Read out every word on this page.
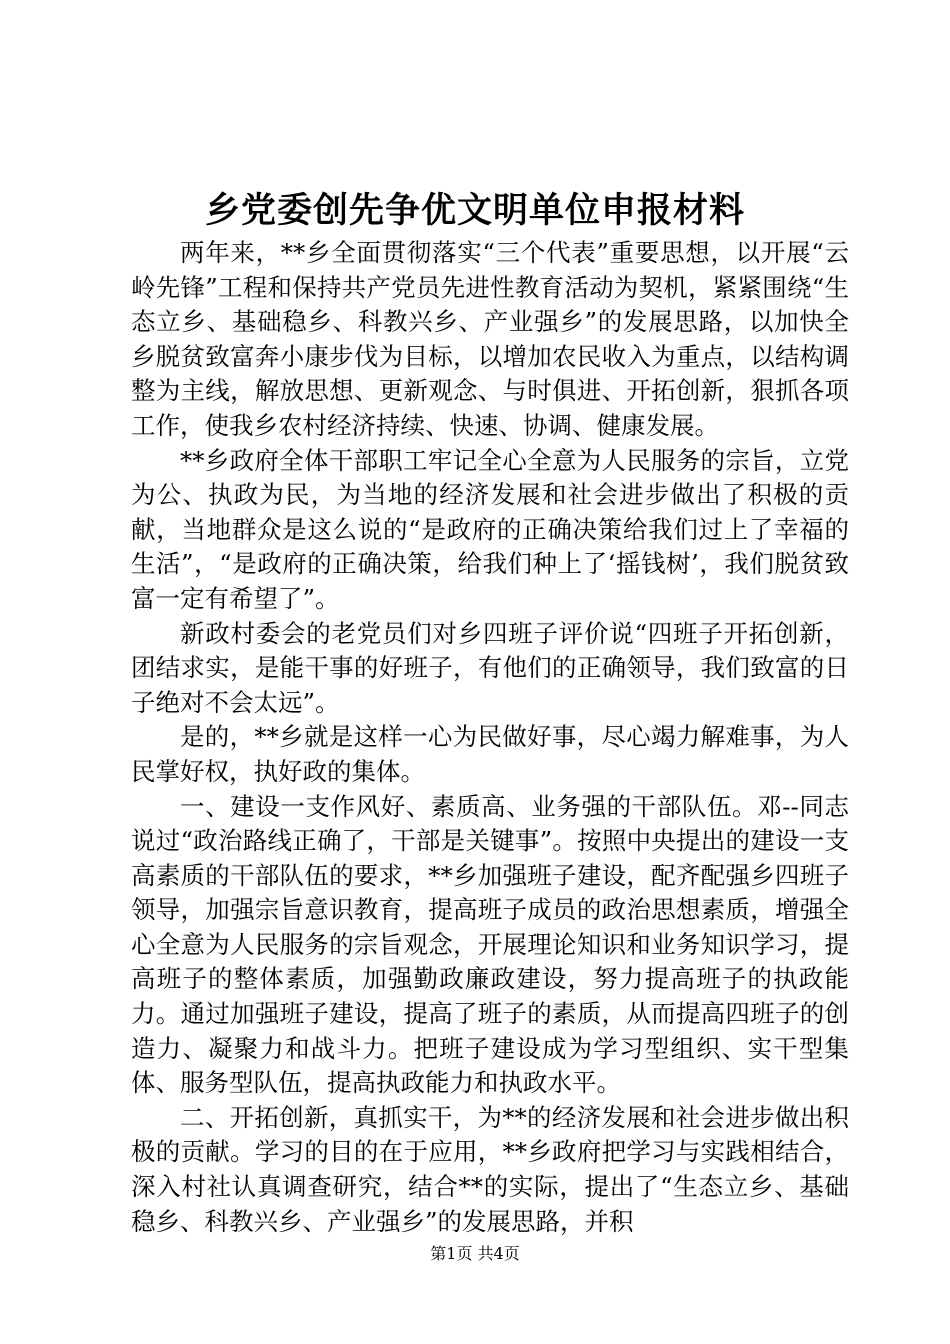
乡党委创先争优文明单位申报材料

两年来，**乡全面贯彻落实“三个代表”重要思想，以开展“云岭先锋”工程和保持共产党员先进性教育活动为契机，紧紧围绕“生态立乡、基础稳乡、科教兴乡、产业强乡”的发展思路，以加快全乡脱贫致富奔小康步伐为目标，以增加农民收入为重点，以结构调整为主线，解放思想、更新观念、与时俱进、开拓创新，狠抓各项工作，使我乡农村经济持续、快速、协调、健康发展。

**乡政府全体干部职工牢记全心全意为人民服务的宗旨，立党为公、执政为民，为当地的经济发展和社会进步做出了积极的贡献，当地群众是这么说的“是政府的正确决策给我们过上了幸福的生活”，“是政府的正确决策，给我们种上了‘摇钱树’，我们脱贫致富一定有希望了”。

新政村委会的老党员们对乡四班子评价说“四班子开拓创新，团结求实，是能干事的好班子，有他们的正确领导，我们致富的日子绝对不会太远”。

是的，**乡就是这样一心为民做好事，尽心竭力解难事，为人民掌好权，执好政的集体。

一、建设一支作风好、素质高、业务强的干部队伍。邓--同志说过“政治路线正确了，干部是关键事”。按照中央提出的建设一支高素质的干部队伍的要求，**乡加强班子建设，配齐配强乡四班子领导，加强宗旨意识教育，提高班子成员的政治思想素质，增强全心全意为人民服务的宗旨观念，开展理论知识和业务知识学习，提高班子的整体素质，加强勤政廉政建设，努力提高班子的执政能力。通过加强班子建设，提高了班子的素质，从而提高四班子的创造力、凝聚力和战斗力。把班子建设成为学习型组织、实干型集体、服务型队伍，提高执政能力和执政水平。

二、开拓创新，真抓实干，为**的经济发展和社会进步做出积极的贡献。学习的目的在于应用，**乡政府把学习与实践相结合，深入村社认真调查研究，结合**的实际，提出了“生态立乡、基础稳乡、科教兴乡、产业强乡”的发展思路，并积

第1页 共4页
